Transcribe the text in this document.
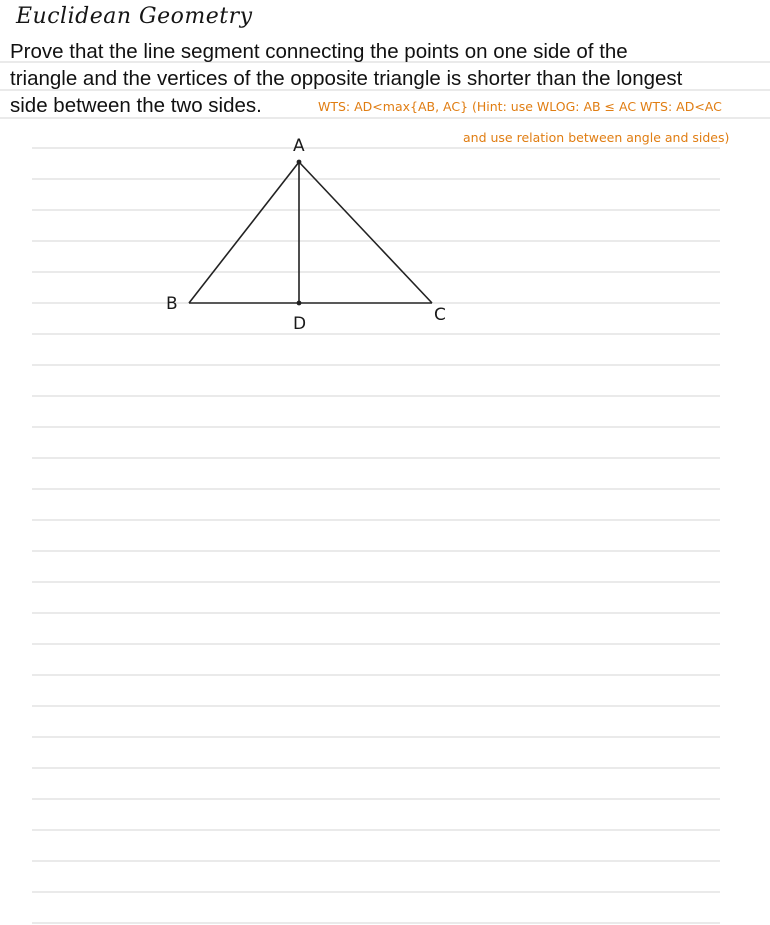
Euclidean Geometry
Prove that the line segment connecting the points on one side of the
triangle and the vertices of the opposite triangle is shorter than the longest
side between the two sides.	WTS: AD<max{AB, AC} (Hint: use WLOG: AB ≤ AC WTS: AD<AC
and use relation between angle and sides)
A
B
C
D
